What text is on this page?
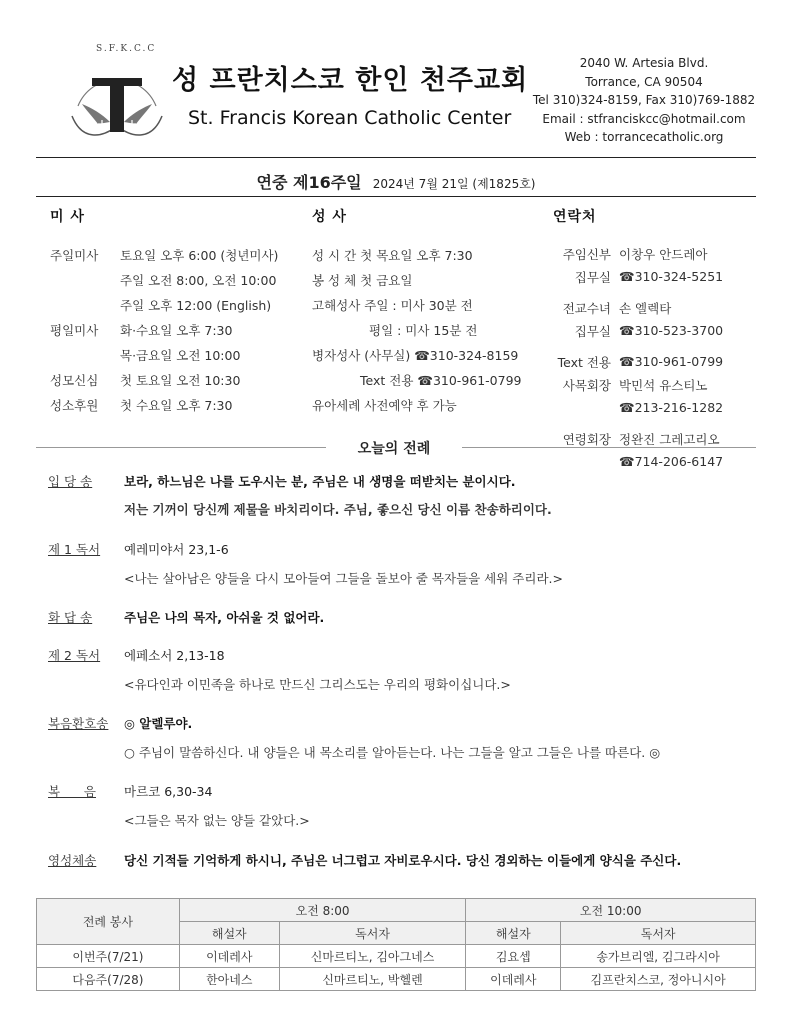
S.F.K.C.C
성 프란치스코 한인 천주교회
St. Francis Korean Catholic Center
2040 W. Artesia Blvd.
Torrance, CA 90504
Tel 310)324-8159, Fax 310)769-1882
Email : stfranciskcc@hotmail.com
Web : torrancecatholic.org
연중 제16주일 2024년 7월 21일 (제1825호)
미 사
주일미사	토요일 오후 6:00 (청년미사)
주일 오전 8:00, 오전 10:00
주일 오후 12:00 (English)
평일미사	화·수요일 오후 7:30
목·금요일 오전 10:00
성모신심	첫 토요일 오전 10:30
성소후원	첫 수요일 오후 7:30
성 사
성 시 간 첫 목요일 오후 7:30
봉 성 체 첫 금요일
고해성사 주일 : 미사 30분 전
평일 : 미사 15분 전
병자성사 (사무실) ☎310-324-8159
Text 전용 ☎310-961-0799
유아세례 사전예약 후 가능
연락처
주임신부 이창우 안드레아
집무실 ☎310-324-5251
전교수녀 손 엘렉타
집무실 ☎310-523-3700
Text 전용 ☎310-961-0799
사목회장 박민석 유스티노
☎213-216-1282
연령회장 정완진 그레고리오
☎714-206-6147
오늘의 전례
입 당 송	보라, 하느님은 나를 도우시는 분, 주님은 내 생명을 떠받치는 분이시다.
저는 기꺼이 당신께 제물을 바치리이다. 주님, 좋으신 당신 이름 찬송하리이다.
제 1 독서	예레미야서 23,1-6
<나는 살아남은 양들을 다시 모아들여 그들을 돌보아 줄 목자들을 세워 주리라.>
화 답 송	주님은 나의 목자, 아쉬울 것 없어라.
제 2 독서	에페소서 2,13-18
<유다인과 이민족을 하나로 만드신 그리스도는 우리의 평화이십니다.>
복음환호송	◎ 알렐루야.
○ 주님이 말씀하신다. 내 양들은 내 목소리를 알아듣는다. 나는 그들을 알고 그들은 나를 따른다. ◎
복      음	마르코 6,30-34
<그들은 목자 없는 양들 같았다.>
영성체송	당신 기적들 기억하게 하시니, 주님은 너그럽고 자비로우시다. 당신 경외하는 이들에게 양식을 주신다.
전례 봉사	오전 8:00		오전 10:00	
	해설자	독서자	해설자	독서자
이번주(7/21)	이데레사	신마르티노, 김아그네스	김요셉	송가브리엘, 김그라시아
다음주(7/28)	한아네스	신마르티노, 박헬렌	이데레사	김프란치스코, 정아니시아
